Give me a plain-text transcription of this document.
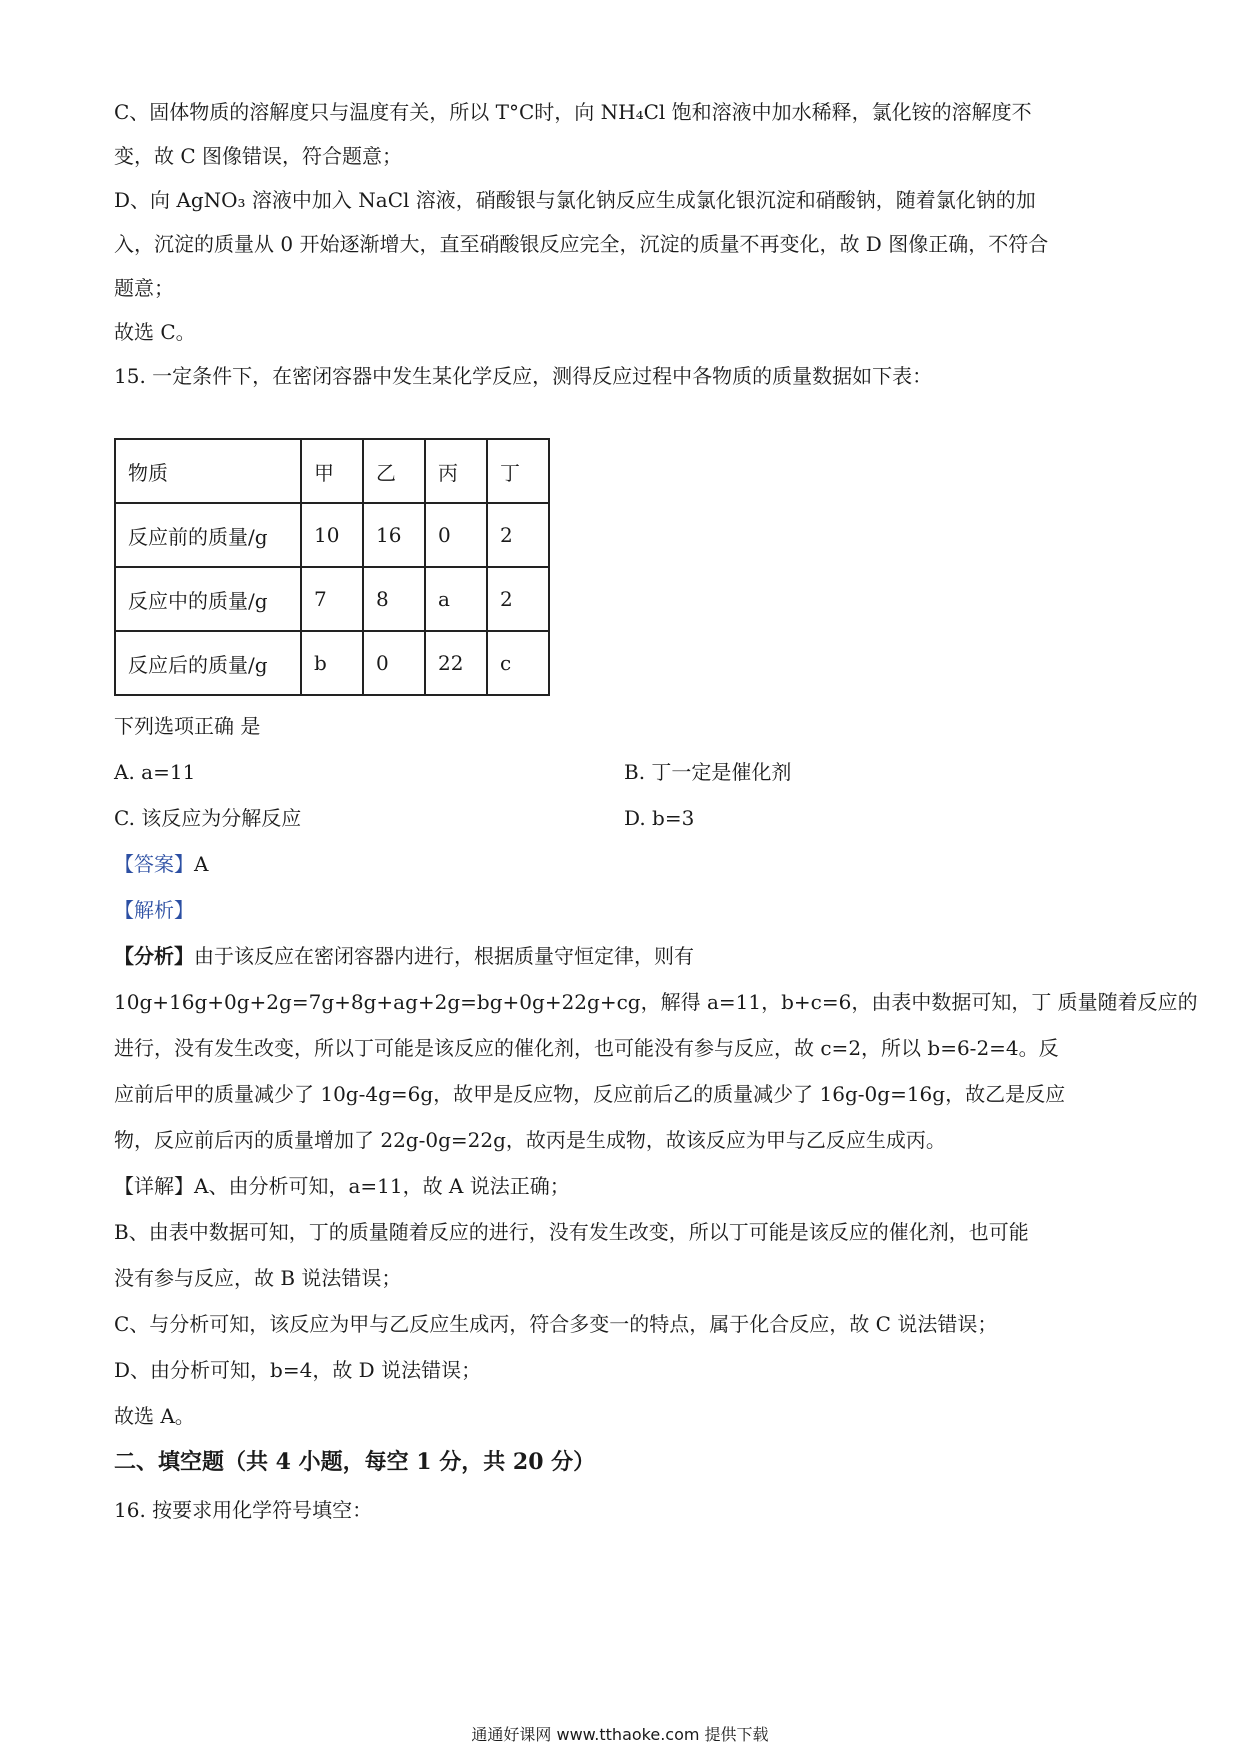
C、固体物质的溶解度只与温度有关，所以 T°C时，向 NH₄Cl 饱和溶液中加水稀释，氯化铵的溶解度不
变，故 C 图像错误，符合题意；
D、向 AgNO₃ 溶液中加入 NaCl 溶液，硝酸银与氯化钠反应生成氯化银沉淀和硝酸钠，随着氯化钠的加
入，沉淀的质量从 0 开始逐渐增大，直至硝酸银反应完全，沉淀的质量不再变化，故 D 图像正确，不符合
题意；
故选 C。
15. 一定条件下，在密闭容器中发生某化学反应，测得反应过程中各物质的质量数据如下表：
物质	甲	乙	丙	丁
反应前的质量/g	10	16	0	2
反应中的质量/g	7	8	a	2
反应后的质量/g	b	0	22	c
下列选项正确 是
A. a=11	B. 丁一定是催化剂
C. 该反应为分解反应	D. b=3
【答案】A
【解析】
【分析】由于该反应在密闭容器内进行，根据质量守恒定律，则有
10g+16g+0g+2g=7g+8g+ag+2g=bg+0g+22g+cg，解得 a=11，b+c=6，由表中数据可知，丁 质量随着反应的
进行，没有发生改变，所以丁可能是该反应的催化剂，也可能没有参与反应，故 c=2，所以 b=6-2=4。反
应前后甲的质量减少了 10g-4g=6g，故甲是反应物，反应前后乙的质量减少了 16g-0g=16g，故乙是反应
物，反应前后丙的质量增加了 22g-0g=22g，故丙是生成物，故该反应为甲与乙反应生成丙。
【详解】A、由分析可知，a=11，故 A 说法正确；
B、由表中数据可知，丁的质量随着反应的进行，没有发生改变，所以丁可能是该反应的催化剂，也可能
没有参与反应，故 B 说法错误；
C、与分析可知，该反应为甲与乙反应生成丙，符合多变一的特点，属于化合反应，故 C 说法错误；
D、由分析可知，b=4，故 D 说法错误；
故选 A。
二、填空题（共 4 小题，每空 1 分，共 20 分）
16. 按要求用化学符号填空：
通通好课网 www.tthaoke.com 提供下载
